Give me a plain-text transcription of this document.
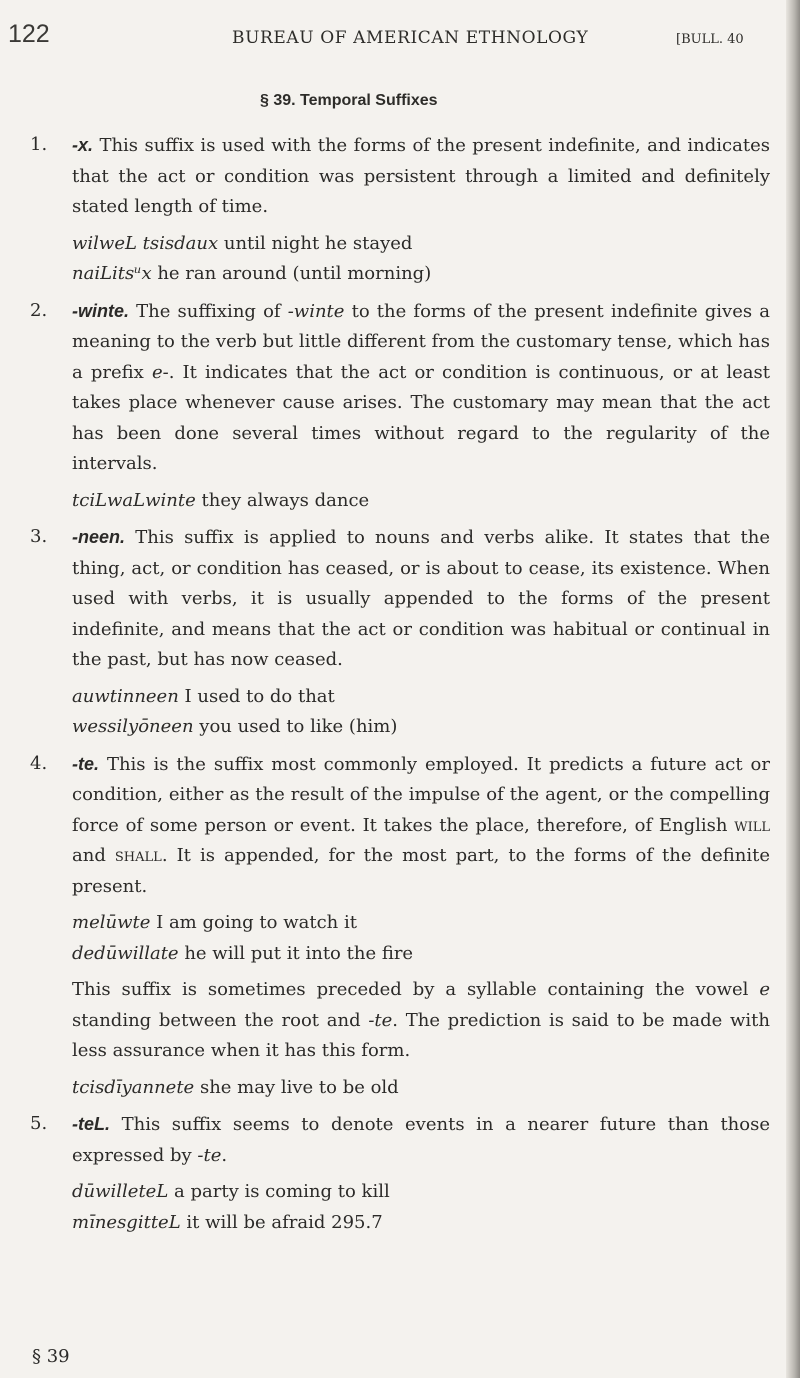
122	BUREAU OF AMERICAN ETHNOLOGY	[BULL. 40
§ 39. Temporal Suffixes
1. -x. This suffix is used with the forms of the present indefinite, and indicates that the act or condition was persistent through a limited and definitely stated length of time.
wilweL tsisdaux until night he stayed
naiLitsᵘx he ran around (until morning)
2. -winte. The suffixing of -winte to the forms of the present indefinite gives a meaning to the verb but little different from the customary tense, which has a prefix e-. It indicates that the act or condition is continuous, or at least takes place whenever cause arises. The customary may mean that the act has been done several times without regard to the regularity of the intervals.
tciLwaLwinte they always dance
3. -neen. This suffix is applied to nouns and verbs alike. It states that the thing, act, or condition has ceased, or is about to cease, its existence. When used with verbs, it is usually appended to the forms of the present indefinite, and means that the act or condition was habitual or continual in the past, but has now ceased.
auwtinneen I used to do that
wessilyōneen you used to like (him)
4. -te. This is the suffix most commonly employed. It predicts a future act or condition, either as the result of the impulse of the agent, or the compelling force of some person or event. It takes the place, therefore, of English will and shall. It is appended, for the most part, to the forms of the definite present.
melūwte I am going to watch it
dedūwillate he will put it into the fire
This suffix is sometimes preceded by a syllable containing the vowel e standing between the root and -te. The prediction is said to be made with less assurance when it has this form.
tcisdīyannete she may live to be old
5. -teL. This suffix seems to denote events in a nearer future than those expressed by -te.
dūwilleteL a party is coming to kill
mīnesgitteL it will be afraid 295.7
§ 39
